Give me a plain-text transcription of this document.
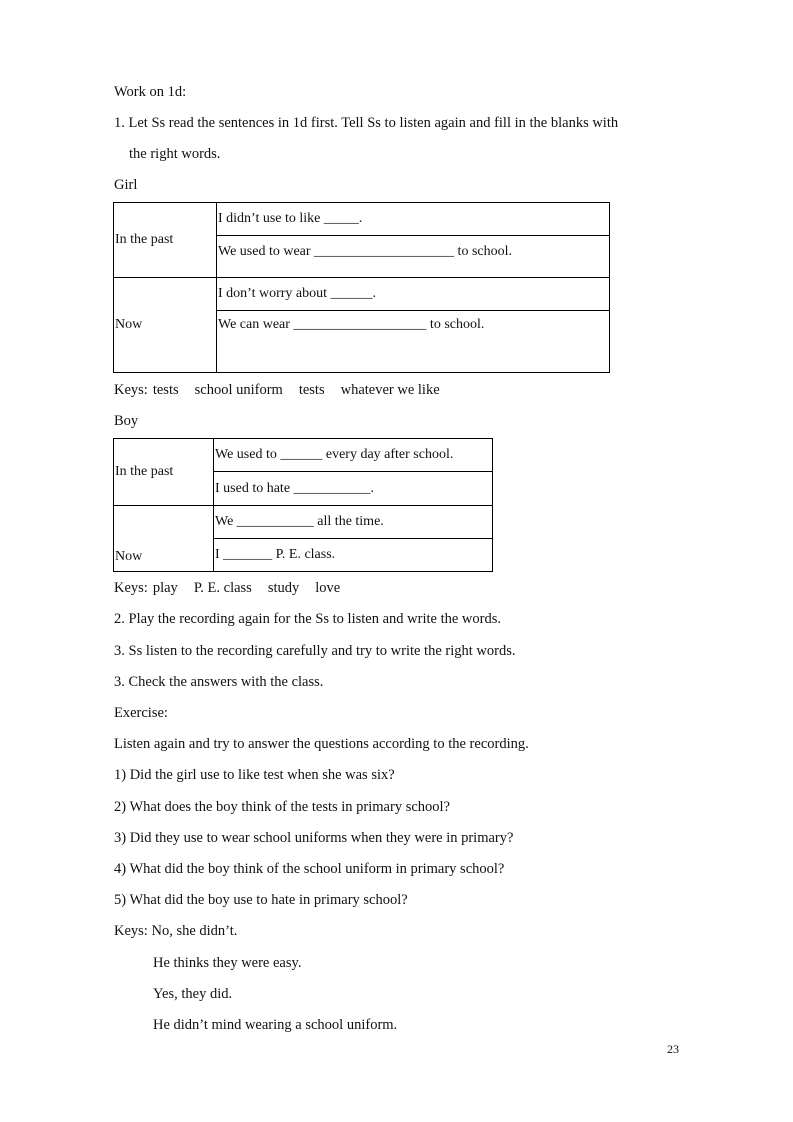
Work on 1d:
1. Let Ss read the sentences in 1d first. Tell Ss to listen again and fill in the blanks with
the right words.
Girl
In the past	I didn’t use to like _____.
	We used to wear ____________________ to school.
Now	I don’t worry about ______.
	We can wear ___________________ to school.
Keys: tests school uniform tests whatever we like
Boy
In the past	We used to ______ every day after school.
	I used to hate ___________.
Now	We ___________ all the time.
	I _______ P. E. class.
Keys: play P. E. class study love
2. Play the recording again for the Ss to listen and write the words.
3. Ss listen to the recording carefully and try to write the right words.
3. Check the answers with the class.
Exercise:
Listen again and try to answer the questions according to the recording.
1) Did the girl use to like test when she was six?
2) What does the boy think of the tests in primary school?
3) Did they use to wear school uniforms when they were in primary?
4) What did the boy think of the school uniform in primary school?
5) What did the boy use to hate in primary school?
Keys: No, she didn’t.
He thinks they were easy.
Yes, they did.
He didn’t mind wearing a school uniform.
23
